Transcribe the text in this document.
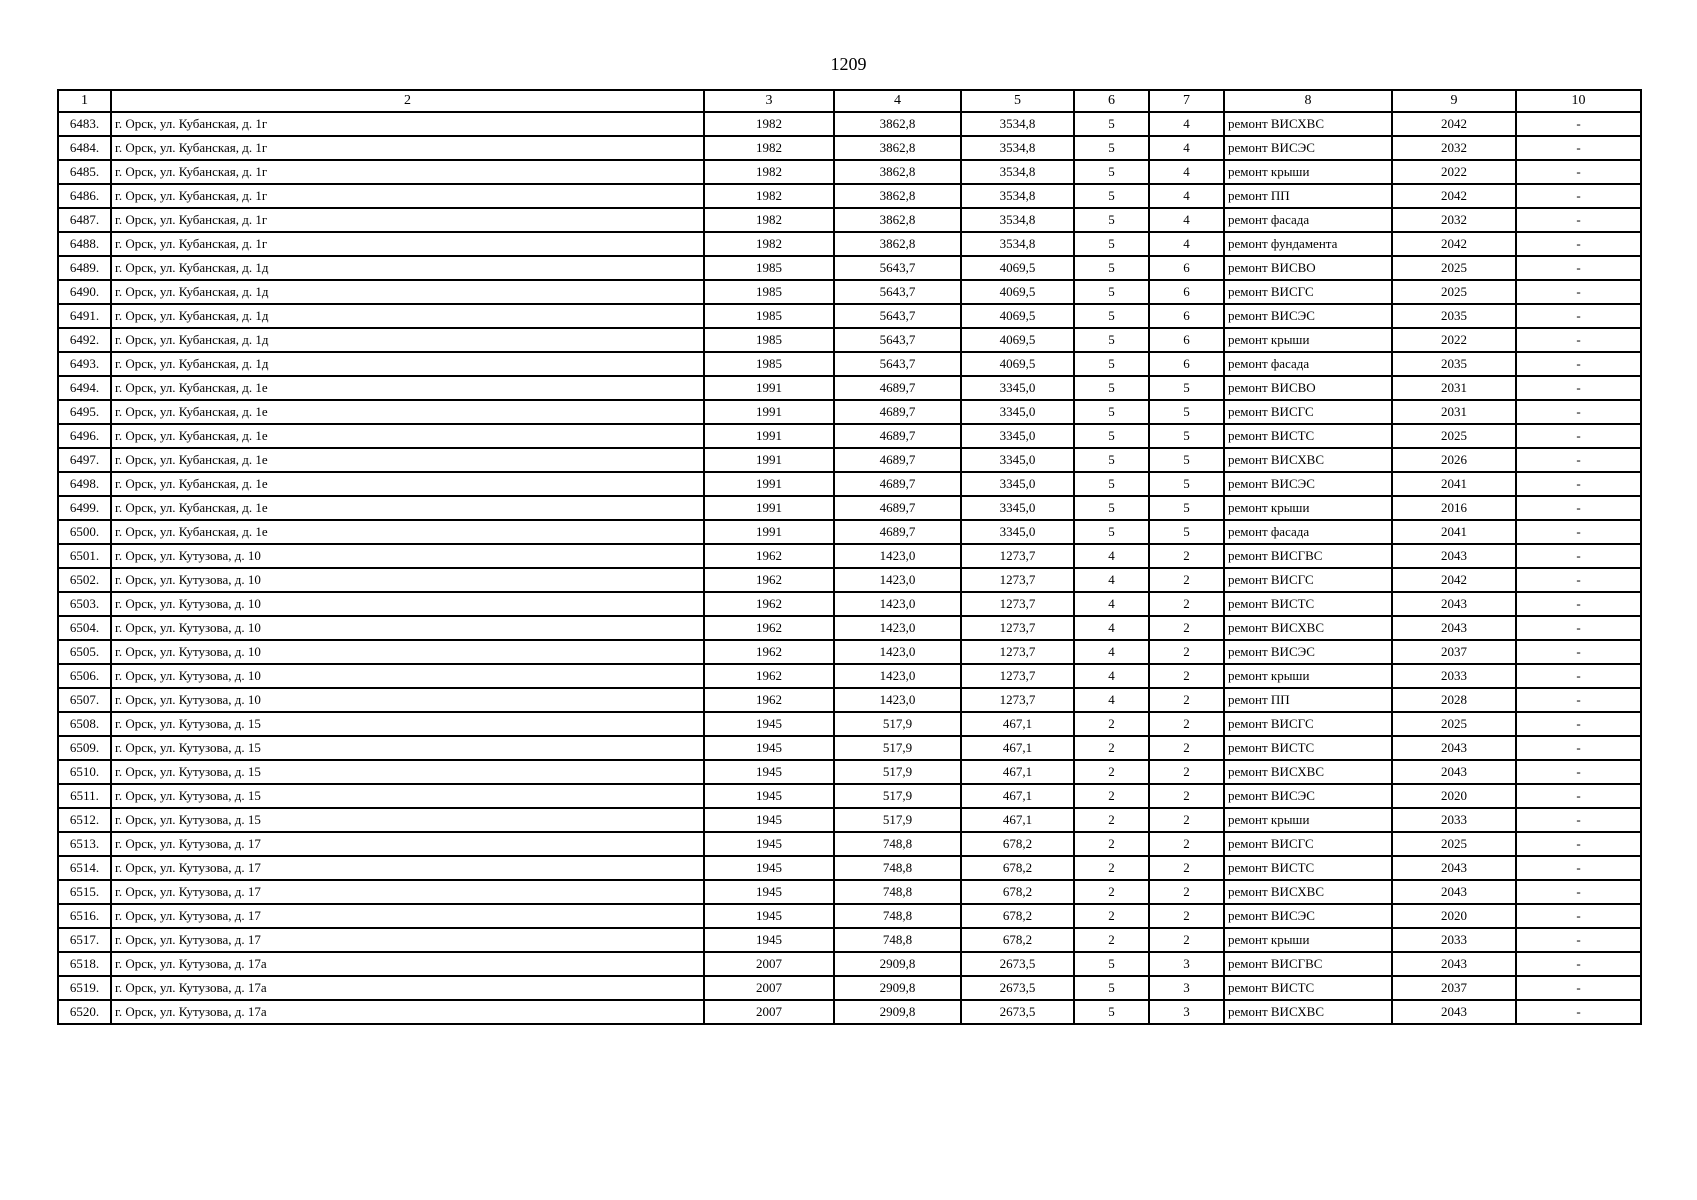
1209
1	2	3	4	5	6	7	8	9	10
6483.	г. Орск, ул. Кубанская, д. 1г	1982	3862,8	3534,8	5	4	ремонт ВИСХВС	2042	-
6484.	г. Орск, ул. Кубанская, д. 1г	1982	3862,8	3534,8	5	4	ремонт ВИСЭС	2032	-
6485.	г. Орск, ул. Кубанская, д. 1г	1982	3862,8	3534,8	5	4	ремонт крыши	2022	-
6486.	г. Орск, ул. Кубанская, д. 1г	1982	3862,8	3534,8	5	4	ремонт ПП	2042	-
6487.	г. Орск, ул. Кубанская, д. 1г	1982	3862,8	3534,8	5	4	ремонт фасада	2032	-
6488.	г. Орск, ул. Кубанская, д. 1г	1982	3862,8	3534,8	5	4	ремонт фундамента	2042	-
6489.	г. Орск, ул. Кубанская, д. 1д	1985	5643,7	4069,5	5	6	ремонт ВИСВО	2025	-
6490.	г. Орск, ул. Кубанская, д. 1д	1985	5643,7	4069,5	5	6	ремонт ВИСГС	2025	-
6491.	г. Орск, ул. Кубанская, д. 1д	1985	5643,7	4069,5	5	6	ремонт ВИСЭС	2035	-
6492.	г. Орск, ул. Кубанская, д. 1д	1985	5643,7	4069,5	5	6	ремонт крыши	2022	-
6493.	г. Орск, ул. Кубанская, д. 1д	1985	5643,7	4069,5	5	6	ремонт фасада	2035	-
6494.	г. Орск, ул. Кубанская, д. 1е	1991	4689,7	3345,0	5	5	ремонт ВИСВО	2031	-
6495.	г. Орск, ул. Кубанская, д. 1е	1991	4689,7	3345,0	5	5	ремонт ВИСГС	2031	-
6496.	г. Орск, ул. Кубанская, д. 1е	1991	4689,7	3345,0	5	5	ремонт ВИСТС	2025	-
6497.	г. Орск, ул. Кубанская, д. 1е	1991	4689,7	3345,0	5	5	ремонт ВИСХВС	2026	-
6498.	г. Орск, ул. Кубанская, д. 1е	1991	4689,7	3345,0	5	5	ремонт ВИСЭС	2041	-
6499.	г. Орск, ул. Кубанская, д. 1е	1991	4689,7	3345,0	5	5	ремонт крыши	2016	-
6500.	г. Орск, ул. Кубанская, д. 1е	1991	4689,7	3345,0	5	5	ремонт фасада	2041	-
6501.	г. Орск, ул. Кутузова, д. 10	1962	1423,0	1273,7	4	2	ремонт ВИСГВС	2043	-
6502.	г. Орск, ул. Кутузова, д. 10	1962	1423,0	1273,7	4	2	ремонт ВИСГС	2042	-
6503.	г. Орск, ул. Кутузова, д. 10	1962	1423,0	1273,7	4	2	ремонт ВИСТС	2043	-
6504.	г. Орск, ул. Кутузова, д. 10	1962	1423,0	1273,7	4	2	ремонт ВИСХВС	2043	-
6505.	г. Орск, ул. Кутузова, д. 10	1962	1423,0	1273,7	4	2	ремонт ВИСЭС	2037	-
6506.	г. Орск, ул. Кутузова, д. 10	1962	1423,0	1273,7	4	2	ремонт крыши	2033	-
6507.	г. Орск, ул. Кутузова, д. 10	1962	1423,0	1273,7	4	2	ремонт ПП	2028	-
6508.	г. Орск, ул. Кутузова, д. 15	1945	517,9	467,1	2	2	ремонт ВИСГС	2025	-
6509.	г. Орск, ул. Кутузова, д. 15	1945	517,9	467,1	2	2	ремонт ВИСТС	2043	-
6510.	г. Орск, ул. Кутузова, д. 15	1945	517,9	467,1	2	2	ремонт ВИСХВС	2043	-
6511.	г. Орск, ул. Кутузова, д. 15	1945	517,9	467,1	2	2	ремонт ВИСЭС	2020	-
6512.	г. Орск, ул. Кутузова, д. 15	1945	517,9	467,1	2	2	ремонт крыши	2033	-
6513.	г. Орск, ул. Кутузова, д. 17	1945	748,8	678,2	2	2	ремонт ВИСГС	2025	-
6514.	г. Орск, ул. Кутузова, д. 17	1945	748,8	678,2	2	2	ремонт ВИСТС	2043	-
6515.	г. Орск, ул. Кутузова, д. 17	1945	748,8	678,2	2	2	ремонт ВИСХВС	2043	-
6516.	г. Орск, ул. Кутузова, д. 17	1945	748,8	678,2	2	2	ремонт ВИСЭС	2020	-
6517.	г. Орск, ул. Кутузова, д. 17	1945	748,8	678,2	2	2	ремонт крыши	2033	-
6518.	г. Орск, ул. Кутузова, д. 17а	2007	2909,8	2673,5	5	3	ремонт ВИСГВС	2043	-
6519.	г. Орск, ул. Кутузова, д. 17а	2007	2909,8	2673,5	5	3	ремонт ВИСТС	2037	-
6520.	г. Орск, ул. Кутузова, д. 17а	2007	2909,8	2673,5	5	3	ремонт ВИСХВС	2043	-
